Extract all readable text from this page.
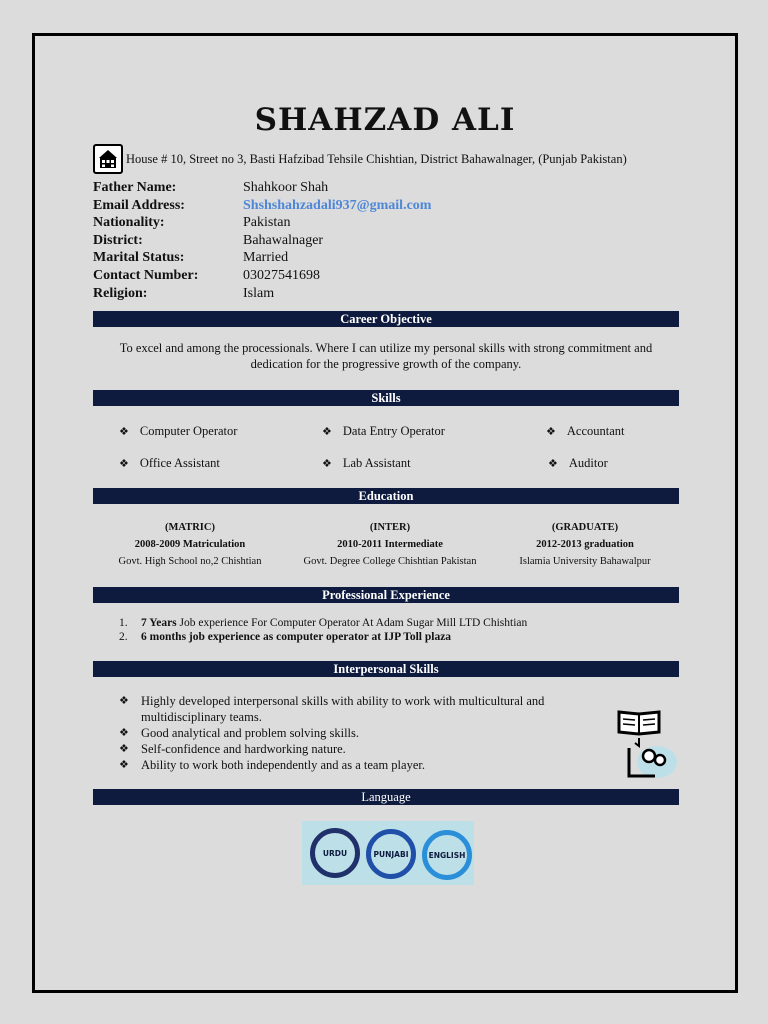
SHAHZAD ALI
House # 10, Street no 3, Basti Hafzibad Tehsile Chishtian, District Bahawalnager, (Punjab Pakistan)
Father Name:	Shahkoor Shah
Email Address:	Shshshahzadali937@gmail.com
Nationality:	Pakistan
District:	Bahawalnager
Marital Status:	Married
Contact Number:	03027541698
Religion:	Islam
Career Objective
To excel and among the processionals. Where I can utilize my personal skills with strong commitment and dedication for the progressive growth of the company.
Skills
❖ Computer Operator	❖ Data Entry Operator	❖ Accountant
❖ Office Assistant	❖ Lab Assistant	❖ Auditor
Education
(MATRIC)
2008-2009 Matriculation
Govt. High School no,2 Chishtian
(INTER)
2010-2011 Intermediate
Govt. Degree College Chishtian Pakistan
(GRADUATE)
2012-2013 graduation
Islamia University Bahawalpur
Professional Experience
1.	7 Years Job experience For Computer Operator At Adam Sugar Mill LTD Chishtian
2.	6 months job experience as computer operator at IJP Toll plaza
Interpersonal Skills
❖ Highly developed interpersonal skills with ability to work with multicultural and multidisciplinary teams.
❖ Good analytical and problem solving skills.
❖ Self-confidence and hardworking nature.
❖ Ability to work both independently and as a team player.
Language
URDU	PUNJABI	ENGLISH
